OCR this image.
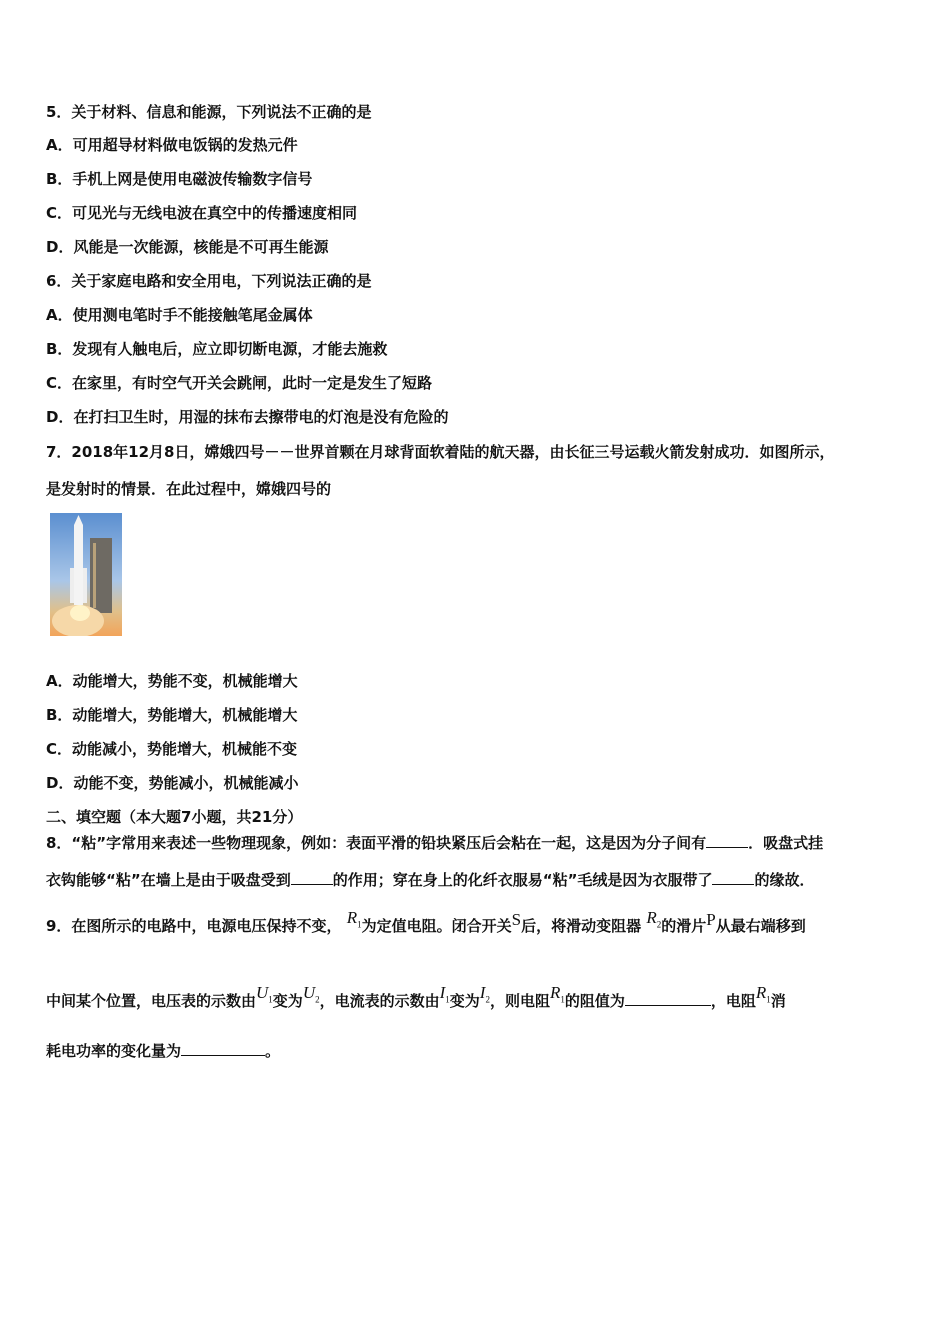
5．关于材料、信息和能源，下列说法不正确的是
A．可用超导材料做电饭锅的发热元件
B．手机上网是使用电磁波传输数字信号
C．可见光与无线电波在真空中的传播速度相同
D．风能是一次能源，核能是不可再生能源
6．关于家庭电路和安全用电，下列说法正确的是
A．使用测电笔时手不能接触笔尾金属体
B．发现有人触电后，应立即切断电源，才能去施救
C．在家里，有时空气开关会跳闸，此时一定是发生了短路
D．在打扫卫生时，用湿的抹布去擦带电的灯泡是没有危险的
7．2018年12月8日，嫦娥四号－－世界首颗在月球背面软着陆的航天器，由长征三号运载火箭发射成功．如图所示，
是发射时的情景．在此过程中，嫦娥四号的
A．动能增大，势能不变，机械能增大
B．动能增大，势能增大，机械能增大
C．动能减小，势能增大，机械能不变
D．动能不变，势能减小，机械能减小
二、填空题（本大题7小题，共21分）
8．“粘”字常用来表述一些物理现象，例如：表面平滑的铅块紧压后会粘在一起，这是因为分子间有	．吸盘式挂
衣钩能够“粘”在墙上是由于吸盘受到	的作用；穿在身上的化纤衣服易“粘”毛绒是因为衣服带了	的缘故．
9．在图所示的电路中，电源电压保持不变， $R_1$为定值电阻。闭合开关S后，将滑动变阻器 $R_2$的滑片P从最右端移到
中间某个位置，电压表的示数由$U_1$变为$U_2$，电流表的示数由$I_1$变为$I_2$，则电阻$R_1$的阻值为	，电阻$R_1$消
耗电功率的变化量为	。
